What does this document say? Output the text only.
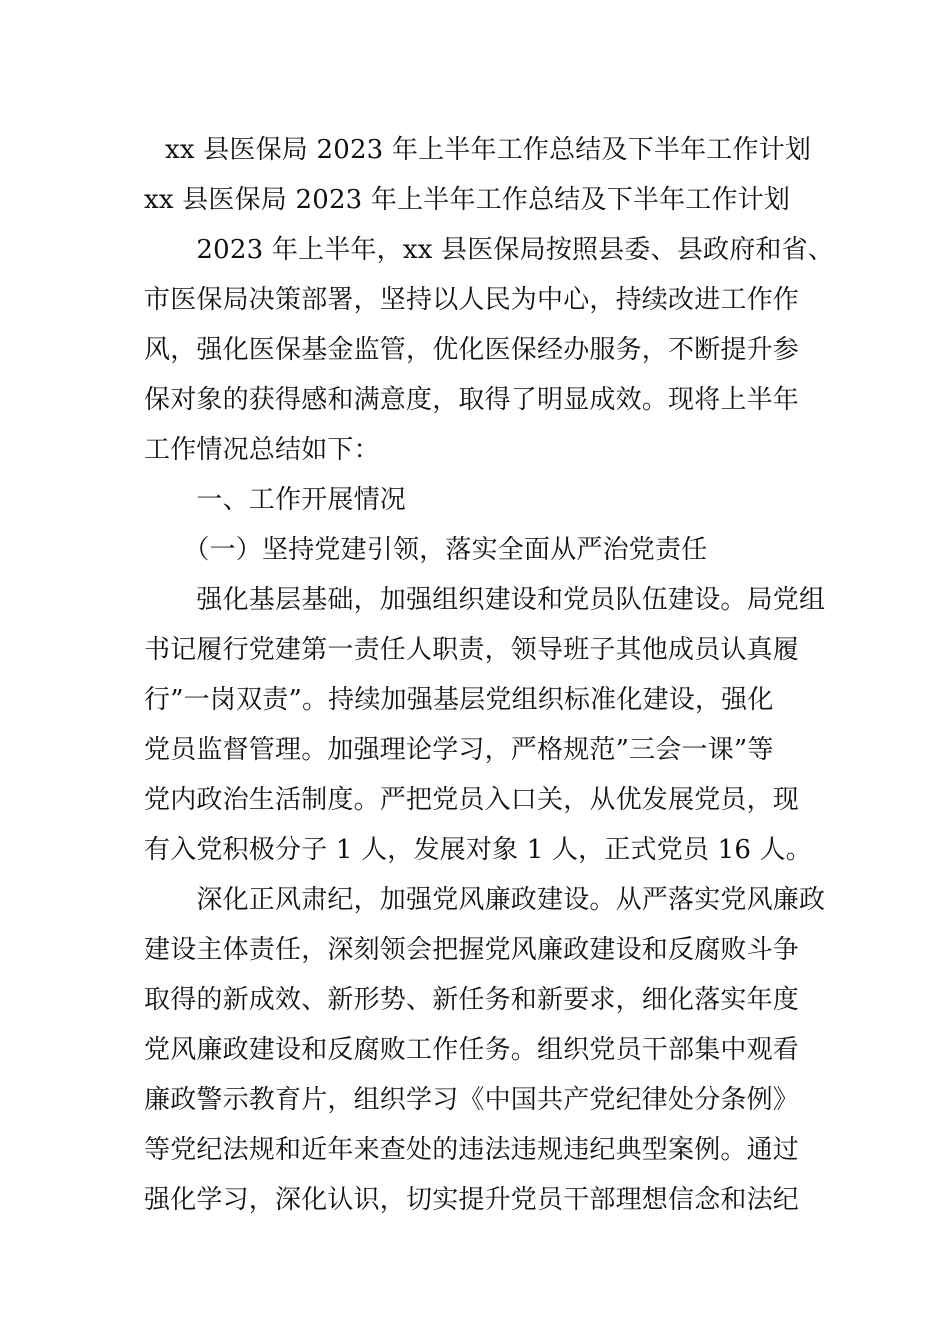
xx 县医保局 2023 年上半年工作总结及下半年工作计划
xx 县医保局 2023 年上半年工作总结及下半年工作计划
　　2023 年上半年，xx 县医保局按照县委、县政府和省、
市医保局决策部署，坚持以人民为中心，持续改进工作作
风，强化医保基金监管，优化医保经办服务，不断提升参
保对象的获得感和满意度，取得了明显成效。现将上半年
工作情况总结如下：
　　一、工作开展情况
　　（一）坚持党建引领，落实全面从严治党责任
　　强化基层基础，加强组织建设和党员队伍建设。局党组
书记履行党建第一责任人职责，领导班子其他成员认真履
行”一岗双责”。持续加强基层党组织标准化建设，强化
党员监督管理。加强理论学习，严格规范”三会一课”等
党内政治生活制度。严把党员入口关，从优发展党员，现
有入党积极分子 1 人，发展对象 1 人，正式党员 16 人。
　　深化正风肃纪，加强党风廉政建设。从严落实党风廉政
建设主体责任，深刻领会把握党风廉政建设和反腐败斗争
取得的新成效、新形势、新任务和新要求，细化落实年度
党风廉政建设和反腐败工作任务。组织党员干部集中观看
廉政警示教育片，组织学习《中国共产党纪律处分条例》
等党纪法规和近年来查处的违法违规违纪典型案例。通过
强化学习，深化认识，切实提升党员干部理想信念和法纪
